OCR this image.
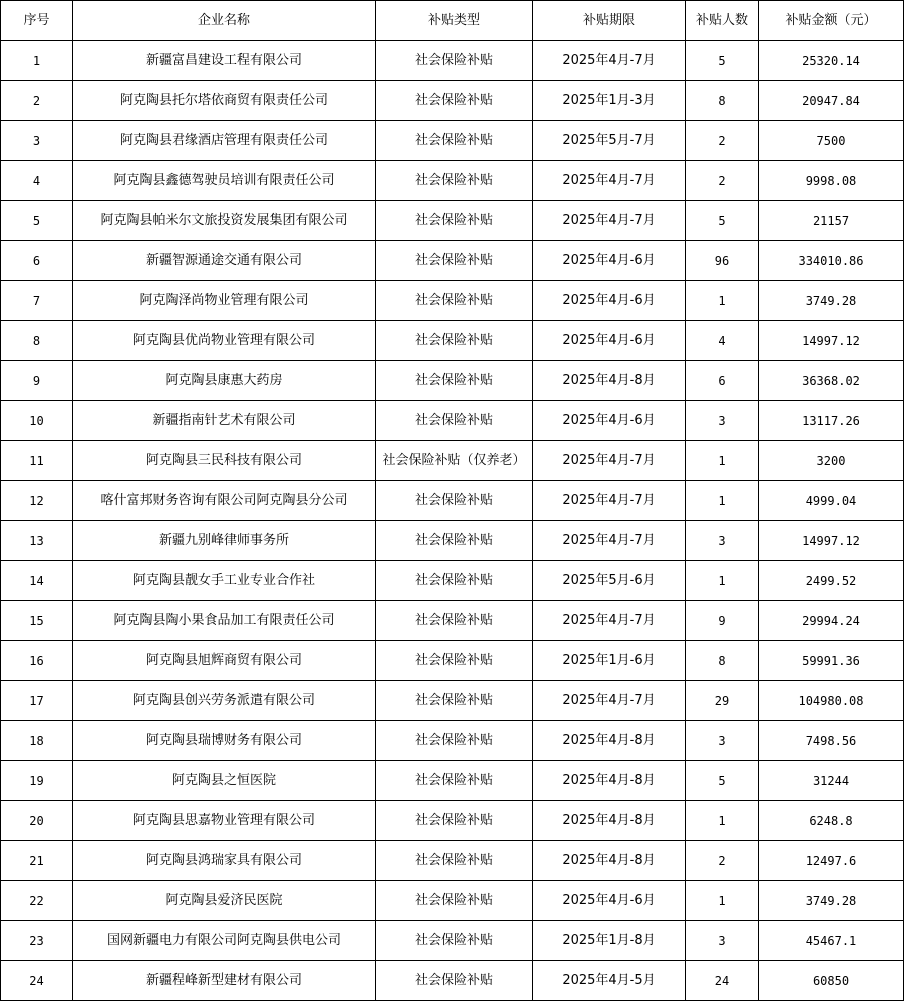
序号	企业名称	补贴类型	补贴期限	补贴人数	补贴金额（元）
1	新疆富昌建设工程有限公司	社会保险补贴	2025年4月-7月	5	25320.14
2	阿克陶县托尔塔依商贸有限责任公司	社会保险补贴	2025年1月-3月	8	20947.84
3	阿克陶县君缘酒店管理有限责任公司	社会保险补贴	2025年5月-7月	2	7500
4	阿克陶县鑫德驾驶员培训有限责任公司	社会保险补贴	2025年4月-7月	2	9998.08
5	阿克陶县帕米尔文旅投资发展集团有限公司	社会保险补贴	2025年4月-7月	5	21157
6	新疆智源通途交通有限公司	社会保险补贴	2025年4月-6月	96	334010.86
7	阿克陶泽尚物业管理有限公司	社会保险补贴	2025年4月-6月	1	3749.28
8	阿克陶县优尚物业管理有限公司	社会保险补贴	2025年4月-6月	4	14997.12
9	阿克陶县康惠大药房	社会保险补贴	2025年4月-8月	6	36368.02
10	新疆指南针艺术有限公司	社会保险补贴	2025年4月-6月	3	13117.26
11	阿克陶县三民科技有限公司	社会保险补贴（仅养老）	2025年4月-7月	1	3200
12	喀什富邦财务咨询有限公司阿克陶县分公司	社会保险补贴	2025年4月-7月	1	4999.04
13	新疆九别峰律师事务所	社会保险补贴	2025年4月-7月	3	14997.12
14	阿克陶县靓女手工业专业合作社	社会保险补贴	2025年5月-6月	1	2499.52
15	阿克陶县陶小果食品加工有限责任公司	社会保险补贴	2025年4月-7月	9	29994.24
16	阿克陶县旭辉商贸有限公司	社会保险补贴	2025年1月-6月	8	59991.36
17	阿克陶县创兴劳务派遣有限公司	社会保险补贴	2025年4月-7月	29	104980.08
18	阿克陶县瑞博财务有限公司	社会保险补贴	2025年4月-8月	3	7498.56
19	阿克陶县之恒医院	社会保险补贴	2025年4月-8月	5	31244
20	阿克陶县思嘉物业管理有限公司	社会保险补贴	2025年4月-8月	1	6248.8
21	阿克陶县鸿瑞家具有限公司	社会保险补贴	2025年4月-8月	2	12497.6
22	阿克陶县爱济民医院	社会保险补贴	2025年4月-6月	1	3749.28
23	国网新疆电力有限公司阿克陶县供电公司	社会保险补贴	2025年1月-8月	3	45467.1
24	新疆程峰新型建材有限公司	社会保险补贴	2025年4月-5月	24	60850
